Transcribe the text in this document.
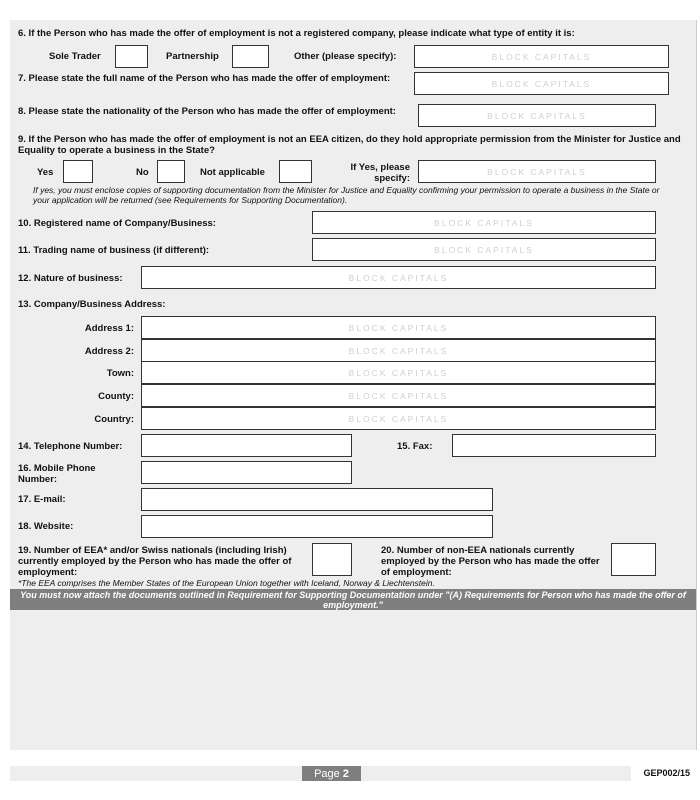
6. If the Person who has made the offer of employment is not a registered company, please indicate what type of entity it is:
Sole Trader	Partnership	Other (please specify):	BLOCK CAPITALS
7. Please state the full name of the Person who has made the offer of employment:	BLOCK CAPITALS
8. Please state the nationality of the Person who has made the offer of employment:	BLOCK CAPITALS
9. If the Person who has made the offer of employment is not an EEA citizen, do they hold appropriate permission from the Minister for Justice and Equality to operate a business in the State?
Yes	No	Not applicable	If Yes, please specify:
BLOCK CAPITALS
If yes, you must enclose copies of supporting documentation from the Minister for Justice and Equality confirming your permission to operate a business in the State or your application will be returned (see Requirements for Supporting Documentation).
10. Registered name of Company/Business:	BLOCK CAPITALS
11. Trading name of business (if different):	BLOCK CAPITALS
12. Nature of business:	BLOCK CAPITALS
13. Company/Business Address:
Address 1:	BLOCK CAPITALS
Address 2:	BLOCK CAPITALS
Town:	BLOCK CAPITALS
County:	BLOCK CAPITALS
Country:	BLOCK CAPITALS
14. Telephone Number:	15. Fax:
16. Mobile Phone Number:
17. E-mail:
18. Website:
19. Number of EEA* and/or Swiss nationals (including Irish) currently employed by the Person who has made the offer of employment:
20. Number of non-EEA nationals currently employed by the Person who has made the offer of employment:
*The EEA comprises the Member States of the European Union together with Iceland, Norway & Liechtenstein.
You must now attach the documents outlined in Requirement for Supporting Documentation under "(A) Requirements for Person who has made the offer of employment."
Page 2	GEP002/15
